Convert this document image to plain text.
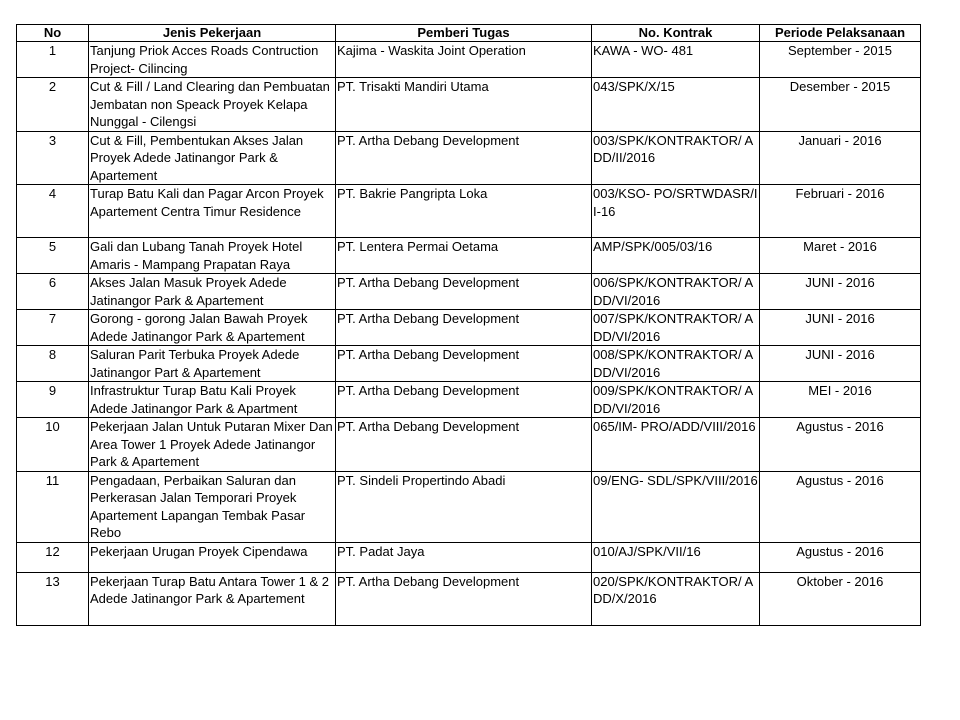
No	Jenis Pekerjaan	Pemberi Tugas	No. Kontrak	Periode Pelaksanaan
1	Tanjung Priok Acces Roads Contruction Project- Cilincing	Kajima - Waskita Joint Operation	KAWA - WO- 481	September - 2015
2	Cut & Fill / Land Clearing dan Pembuatan Jembatan non Speack Proyek Kelapa Nunggal - Cilengsi	PT. Trisakti Mandiri Utama	043/SPK/X/15	Desember - 2015
3	Cut & Fill, Pembentukan Akses Jalan Proyek Adede Jatinangor Park & Apartement	PT. Artha Debang Development	003/SPK/KONTRAKTOR/ ADD/II/2016	Januari - 2016
4	Turap Batu Kali dan Pagar Arcon Proyek Apartement Centra Timur Residence	PT. Bakrie Pangripta Loka	003/KSO- PO/SRTWDASR/II-16	Februari - 2016
5	Gali dan Lubang Tanah Proyek Hotel Amaris - Mampang Prapatan Raya	PT. Lentera Permai Oetama	AMP/SPK/005/03/16	Maret - 2016
6	Akses Jalan Masuk Proyek Adede Jatinangor Park & Apartement	PT. Artha Debang Development	006/SPK/KONTRAKTOR/ ADD/VI/2016	JUNI - 2016
7	Gorong - gorong Jalan Bawah Proyek Adede Jatinangor Park & Apartement	PT. Artha Debang Development	007/SPK/KONTRAKTOR/ ADD/VI/2016	JUNI - 2016
8	Saluran Parit Terbuka Proyek Adede Jatinangor Part & Apartement	PT. Artha Debang Development	008/SPK/KONTRAKTOR/ ADD/VI/2016	JUNI - 2016
9	Infrastruktur Turap Batu Kali Proyek Adede Jatinangor Park & Apartment	PT. Artha Debang Development	009/SPK/KONTRAKTOR/ ADD/VI/2016	MEI - 2016
10	Pekerjaan Jalan Untuk Putaran Mixer Dan Area Tower 1 Proyek Adede Jatinangor Park & Apartement	PT. Artha Debang Development	065/IM- PRO/ADD/VIII/2016	Agustus - 2016
11	Pengadaan, Perbaikan Saluran dan Perkerasan Jalan Temporari Proyek Apartement Lapangan Tembak Pasar Rebo	PT. Sindeli Propertindo Abadi	09/ENG- SDL/SPK/VIII/2016	Agustus - 2016
12	Pekerjaan Urugan Proyek Cipendawa	PT. Padat Jaya	010/AJ/SPK/VII/16	Agustus - 2016
13	Pekerjaan Turap Batu Antara Tower 1 & 2 Adede Jatinangor Park & Apartement	PT. Artha Debang Development	020/SPK/KONTRAKTOR/ ADD/X/2016	Oktober - 2016
